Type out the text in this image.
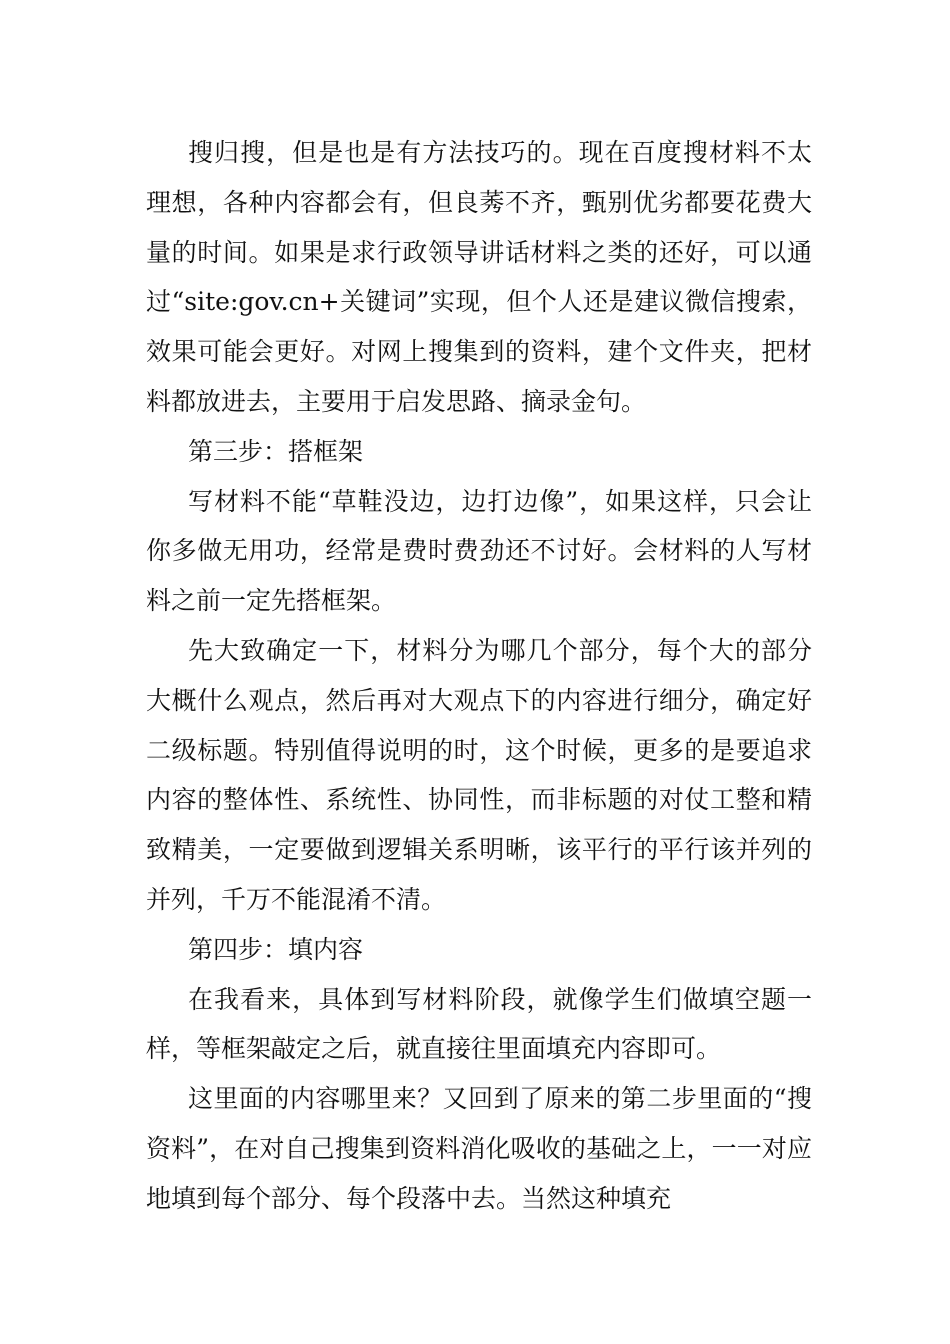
搜归搜，但是也是有方法技巧的。现在百度搜材料不太理想，各种内容都会有，但良莠不齐，甄别优劣都要花费大量的时间。如果是求行政领导讲话材料之类的还好，可以通过“site:gov.cn+关键词”实现，但个人还是建议微信搜索，效果可能会更好。对网上搜集到的资料，建个文件夹，把材料都放进去，主要用于启发思路、摘录金句。

第三步：搭框架

写材料不能“草鞋没边，边打边像”，如果这样，只会让你多做无用功，经常是费时费劲还不讨好。会材料的人写材料之前一定先搭框架。

先大致确定一下，材料分为哪几个部分，每个大的部分大概什么观点，然后再对大观点下的内容进行细分，确定好二级标题。特别值得说明的时，这个时候，更多的是要追求内容的整体性、系统性、协同性，而非标题的对仗工整和精致精美，一定要做到逻辑关系明晰，该平行的平行该并列的并列，千万不能混淆不清。

第四步：填内容

在我看来，具体到写材料阶段，就像学生们做填空题一样，等框架敲定之后，就直接往里面填充内容即可。

这里面的内容哪里来？又回到了原来的第二步里面的“搜资料”，在对自己搜集到资料消化吸收的基础之上，一一对应地填到每个部分、每个段落中去。当然这种填充
